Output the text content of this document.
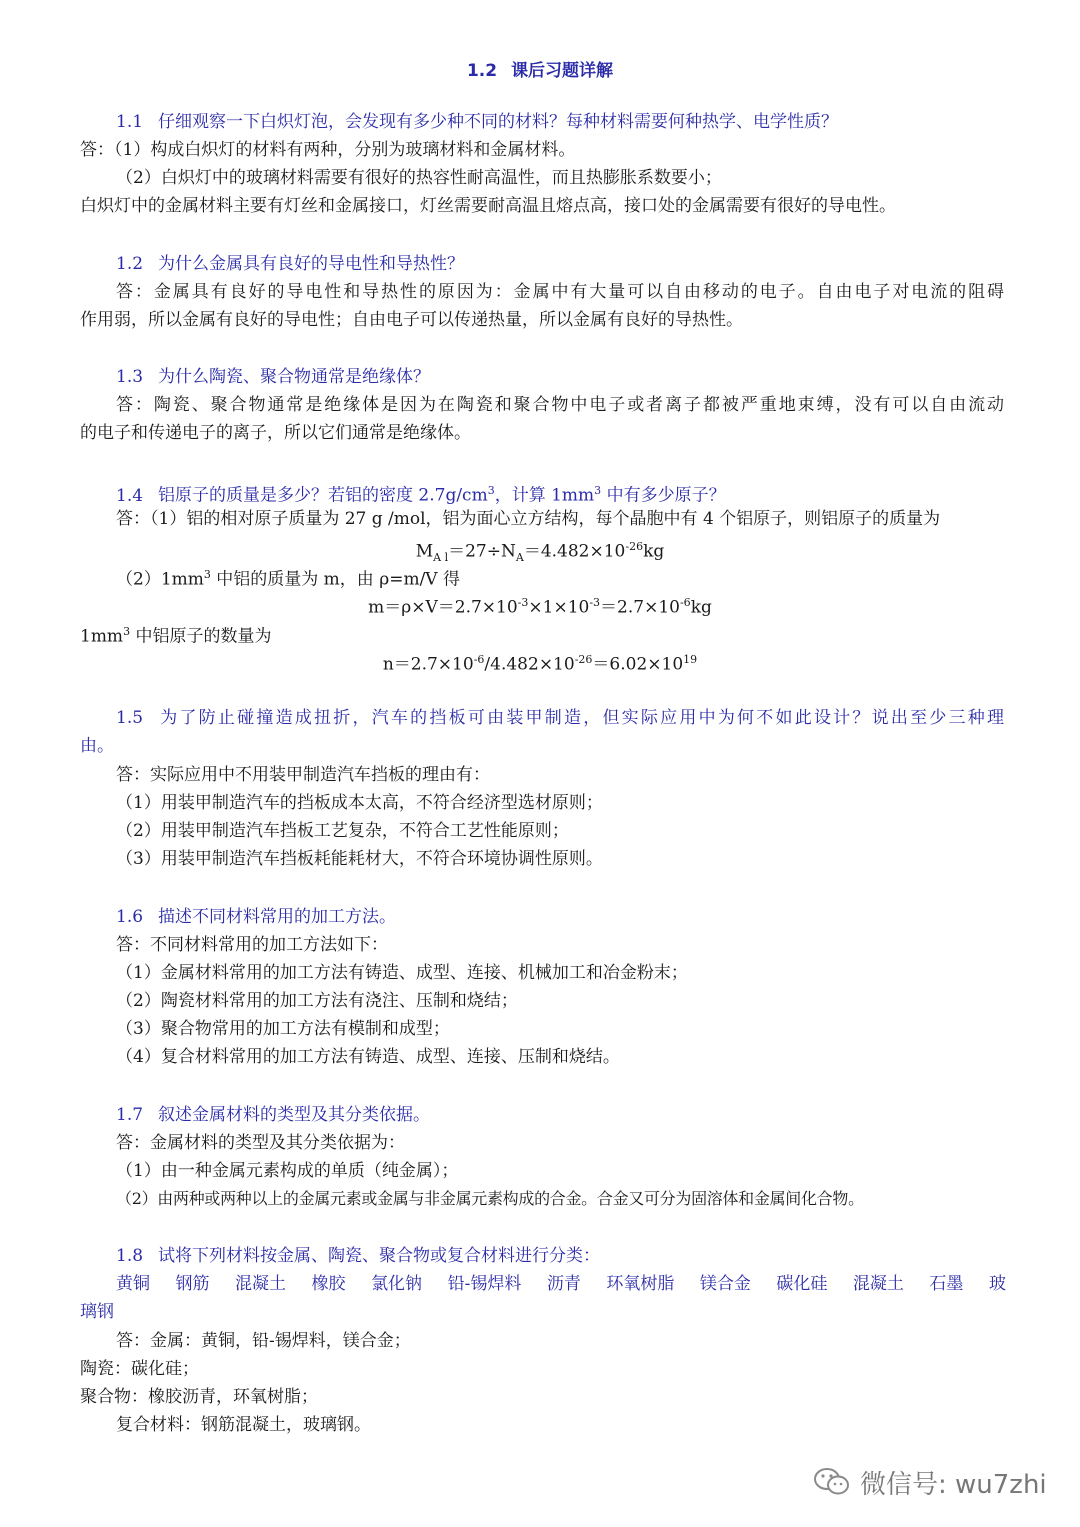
1.2 课后习题详解
1.1 仔细观察一下白炽灯泡，会发现有多少种不同的材料？每种材料需要何种热学、电学性质？
答：（1）构成白炽灯的材料有两种，分别为玻璃材料和金属材料。
（2）白炽灯中的玻璃材料需要有很好的热容性耐高温性，而且热膨胀系数要小；
白炽灯中的金属材料主要有灯丝和金属接口，灯丝需要耐高温且熔点高，接口处的金属需要有很好的导电性。
1.2 为什么金属具有良好的导电性和导热性？
答：金属具有良好的导电性和导热性的原因为：金属中有大量可以自由移动的电子。自由电子对电流的阻碍
作用弱，所以金属有良好的导电性；自由电子可以传递热量，所以金属有良好的导热性。
1.3 为什么陶瓷、聚合物通常是绝缘体？
答：陶瓷、聚合物通常是绝缘体是因为在陶瓷和聚合物中电子或者离子都被严重地束缚，没有可以自由流动
的电子和传递电子的离子，所以它们通常是绝缘体。
1.4 铝原子的质量是多少？若铝的密度 $2.7g/cm^3$，计算 $1mm^3$ 中有多少原子？
答：（1）铝的相对原子质量为 27 g /mol，铝为面心立方结构，每个晶胞中有 4 个铝原子，则铝原子的质量为
$M_{A l}=27\div N_A=4.482\times 10^{-26}kg$
$(2)1mm^3$ 中铝的质量为 m，由 ρ=m/V 得
$m=\rho\times V=2.7\times 10^{-3}\times 1\times 10^{-3}=2.7\times 10^{-6}kg$
$1mm^3$ 中铝原子的数量为
$n=2.7\times 10^{-6}/4.482\times 10^{-26}=6.02\times 10^{19}$
1.5 为了防止碰撞造成扭折，汽车的挡板可由装甲制造，但实际应用中为何不如此设计？说出至少三种理
由。
答：实际应用中不用装甲制造汽车挡板的理由有：
（1）用装甲制造汽车的挡板成本太高，不符合经济型选材原则；
（2）用装甲制造汽车挡板工艺复杂，不符合工艺性能原则；
（3）用装甲制造汽车挡板耗能耗材大，不符合环境协调性原则。
1.6 描述不同材料常用的加工方法。
答：不同材料常用的加工方法如下：
（1）金属材料常用的加工方法有铸造、成型、连接、机械加工和冶金粉末；
（2）陶瓷材料常用的加工方法有浇注、压制和烧结；
（3）聚合物常用的加工方法有模制和成型；
（4）复合材料常用的加工方法有铸造、成型、连接、压制和烧结。
1.7 叙述金属材料的类型及其分类依据。
答：金属材料的类型及其分类依据为：
（1）由一种金属元素构成的单质（纯金属）；
（2）由两种或两种以上的金属元素或金属与非金属元素构成的合金。合金又可分为固溶体和金属间化合物。
1.8 试将下列材料按金属、陶瓷、聚合物或复合材料进行分类：
黄铜 钢筋 混凝土 橡胶 氯化钠 铅-锡焊料 沥青 环氧树脂 镁合金 碳化硅 混凝土 石墨 玻
璃钢
答：金属：黄铜，铅-锡焊料，镁合金；
陶瓷：碳化硅；
聚合物：橡胶沥青，环氧树脂；
复合材料：钢筋混凝土，玻璃钢。
微信号: wu7zhi
